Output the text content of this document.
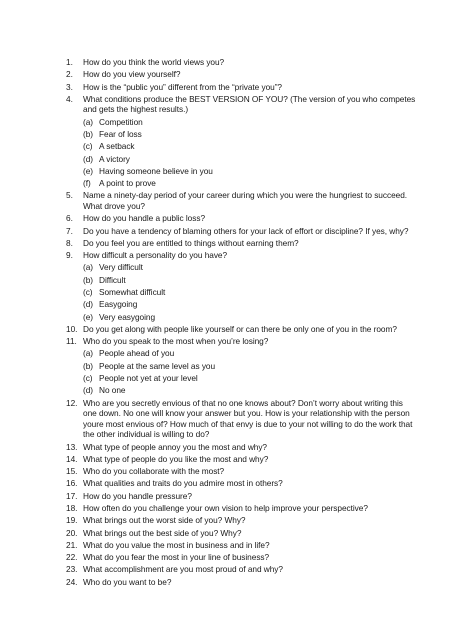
1.	How do you think the world views you?
2.	How do you view yourself?
3.	How is the “public you” different from the “private you”?
4.	What conditions produce the BEST VERSION OF YOU? (The version of you who competes and gets the highest results.)
(a) Competition
(b) Fear of loss
(c) A setback
(d) A victory
(e) Having someone believe in you
(f)	A point to prove
5.	Name a ninety-day period of your career during which you were the hungriest to succeed. What drove you?
6.	How do you handle a public loss?
7.	Do you have a tendency of blaming others for your lack of effort or discipline? If yes, why?
8.	Do you feel you are entitled to things without earning them?
9.	How difficult a personality do you have?
(a) Very difficult
(b) Difficult
(c) Somewhat difficult
(d) Easygoing
(e) Very easygoing
10. Do you get along with people like yourself or can there be only one of you in the room?
11. Who do you speak to the most when you’re losing?
(a) People ahead of you
(b) People at the same level as you
(c) People not yet at your level
(d) No one
12. Who are you secretly envious of that no one knows about? Don’t worry about writing this one down. No one will know your answer but you. How is your relationship with the person youre most envious of? How much of that envy is due to your not willing to do the work that the other individual is willing to do?
13. What type of people annoy you the most and why?
14. What type of people do you like the most and why?
15. Who do you collaborate with the most?
16. What qualities and traits do you admire most in others?
17. How do you handle pressure?
18. How often do you challenge your own vision to help improve your perspective?
19. What brings out the worst side of you? Why?
20. What brings out the best side of you? Why?
21. What do you value the most in business and in life?
22. What do you fear the most in your line of business?
23. What accomplishment are you most proud of and why?
24. Who do you want to be?
